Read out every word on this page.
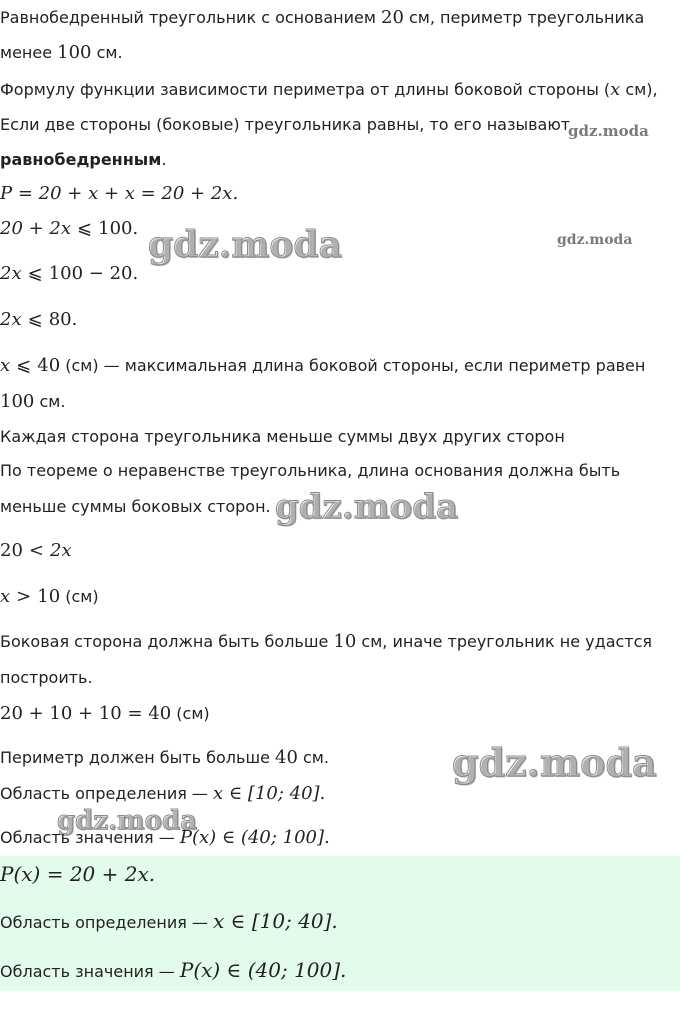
gdz.moda
gdz.moda
gdz.moda
gdz.moda
gdz.moda
gdz.moda
Равнобедренный треугольник с основанием 20 см, периметр треугольника
менее 100 см.
Формулу функции зависимости периметра от длины боковой стороны (x см),
Если две стороны (боковые) треугольника равны, то его называют
равнобедренным.
P = 20 + x + x = 20 + 2x.
20 + 2x ⩽ 100.
2x ⩽ 100 − 20.
2x ⩽ 80.
x ⩽ 40 (см) — максимальная длина боковой стороны, если периметр равен
100 см.
Каждая сторона треугольника меньше суммы двух других сторон
По теореме о неравенстве треугольника, длина основания должна быть
меньше суммы боковых сторон.
20 < 2x
x > 10 (см)
Боковая сторона должна быть больше 10 см, иначе треугольник не удастся
построить.
20 + 10 + 10 = 40 (см)
Периметр должен быть больше 40 см.
Область определения — x ∈ [10; 40].
Область значения — P(x) ∈ (40; 100].
P(x) = 20 + 2x.
Область определения — x ∈ [10; 40].
Область значения — P(x) ∈ (40; 100].
